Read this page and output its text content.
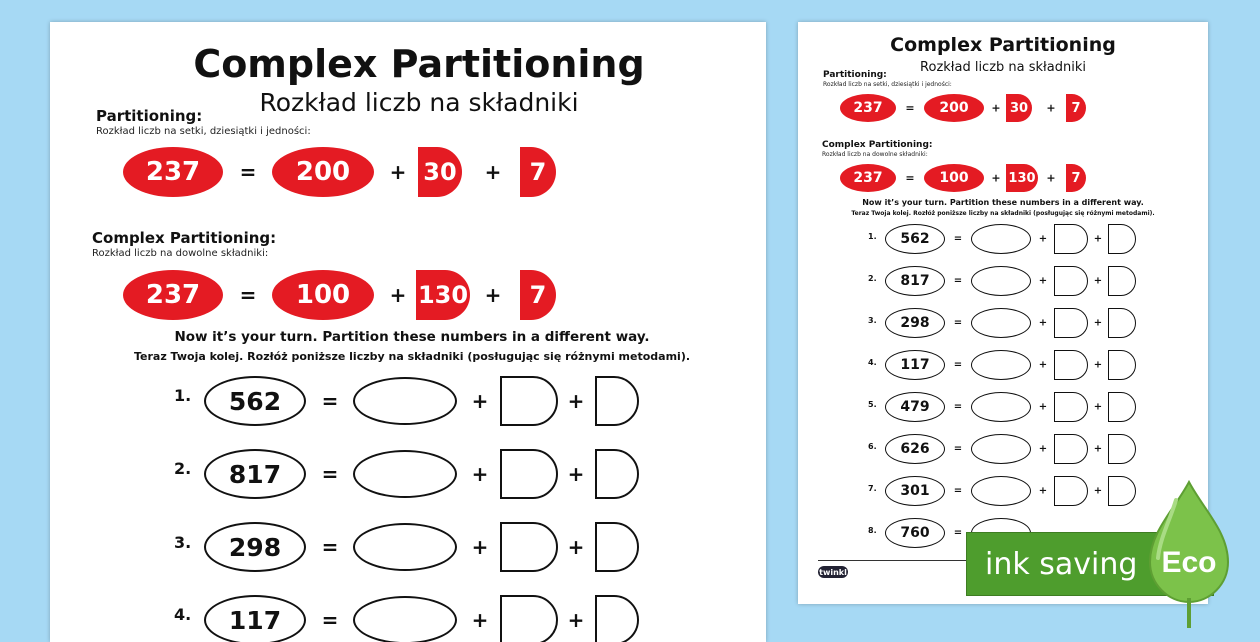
Complex Partitioning
Rozkład liczb na składniki
Partitioning:
Rozkład liczb na setki, dziesiątki i jedności:
237	=	200	+ 30 +	7
Complex Partitioning:
Rozkład liczb na dowolne składniki:
237	=	100	+ 130 +	7
Now it’s your turn. Partition these numbers in a different way.
Teraz Twoja kolej. Rozłóż poniższe liczby na składniki (posługując się różnymi metodami).
1.	562	=	+	+
2.	817	=	+	+
3.	298	=	+	+
4.	117	=	+	+
Complex Partitioning
Rozkład liczb na składniki
Partitioning:
Rozkład liczb na setki, dziesiątki i jedności:
237	=	200	+ 30	+	7
Complex Partitioning:
Rozkład liczb na dowolne składniki:
237	=	100	+ 130 +	7
Now it’s your turn. Partition these numbers in a different way.
Teraz Twoja kolej. Rozłóż poniższe liczby na składniki (posługując się różnymi metodami).
1.	562	=	+	+
2.	817	=	+	+
3.	298	=	+	+
4.	117	=	+	+
5.	479	=	+	+
6.	626	=	+	+
7.	301	=	+	+
8.	760	=
twinkl	ink saving Eco
